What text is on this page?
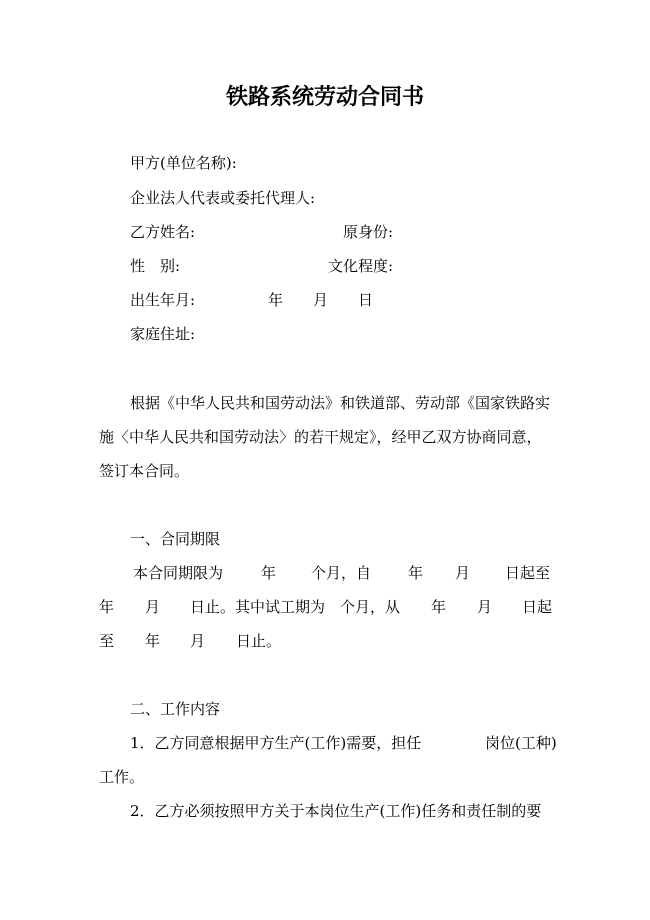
铁路系统劳动合同书
甲方(单位名称):
企业法人代表或委托代理人:
乙方姓名:	原身份:
性　别:	文化程度:
出生年月:	年 月 日
家庭住址:
根据《中华人民共和国劳动法》和铁道部、劳动部《国家铁路实
施〈中华人民共和国劳动法〉的若干规定》，经甲乙双方协商同意，
签订本合同。
一、合同期限
本合同期限为	年 个月，自 年 月 日起至
年 月 日止。其中试工期为 个月，从 年 月 日起
至 年 月 日止。
二、工作内容
1．乙方同意根据甲方生产(工作)需要，担任	岗位(工种)
工作。
2．乙方必须按照甲方关于本岗位生产(工作)任务和责任制的要
